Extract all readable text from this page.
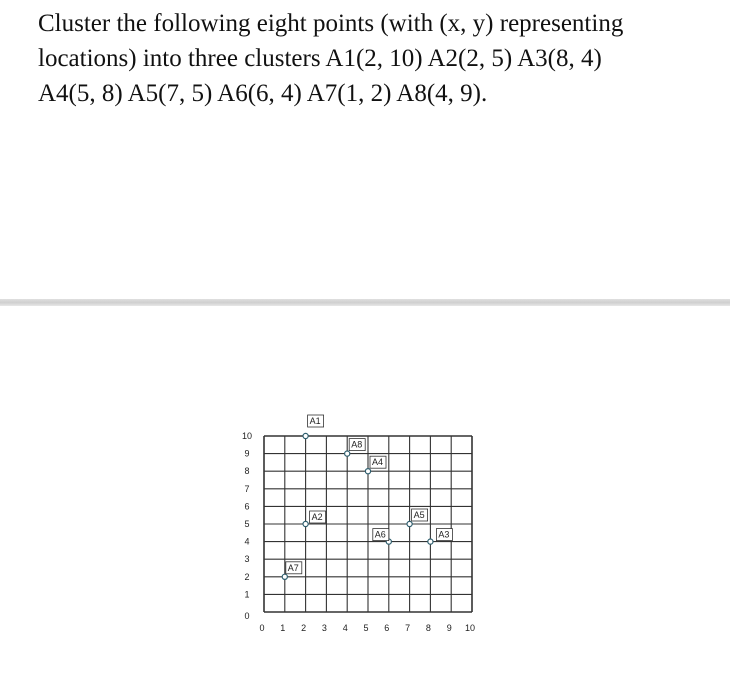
Cluster the following eight points (with (x, y) representing
locations) into three clusters A1(2, 10) A2(2, 5) A3(8, 4)
A4(5, 8) A5(7, 5) A6(6, 4) A7(1, 2) A8(4, 9).

0 1 2 3 4 5 6 7 8 9 10
0
1
2
3
4
5
6
7
8
9
10
A1
A2
A3
A4
A5
A6
A7
A8
